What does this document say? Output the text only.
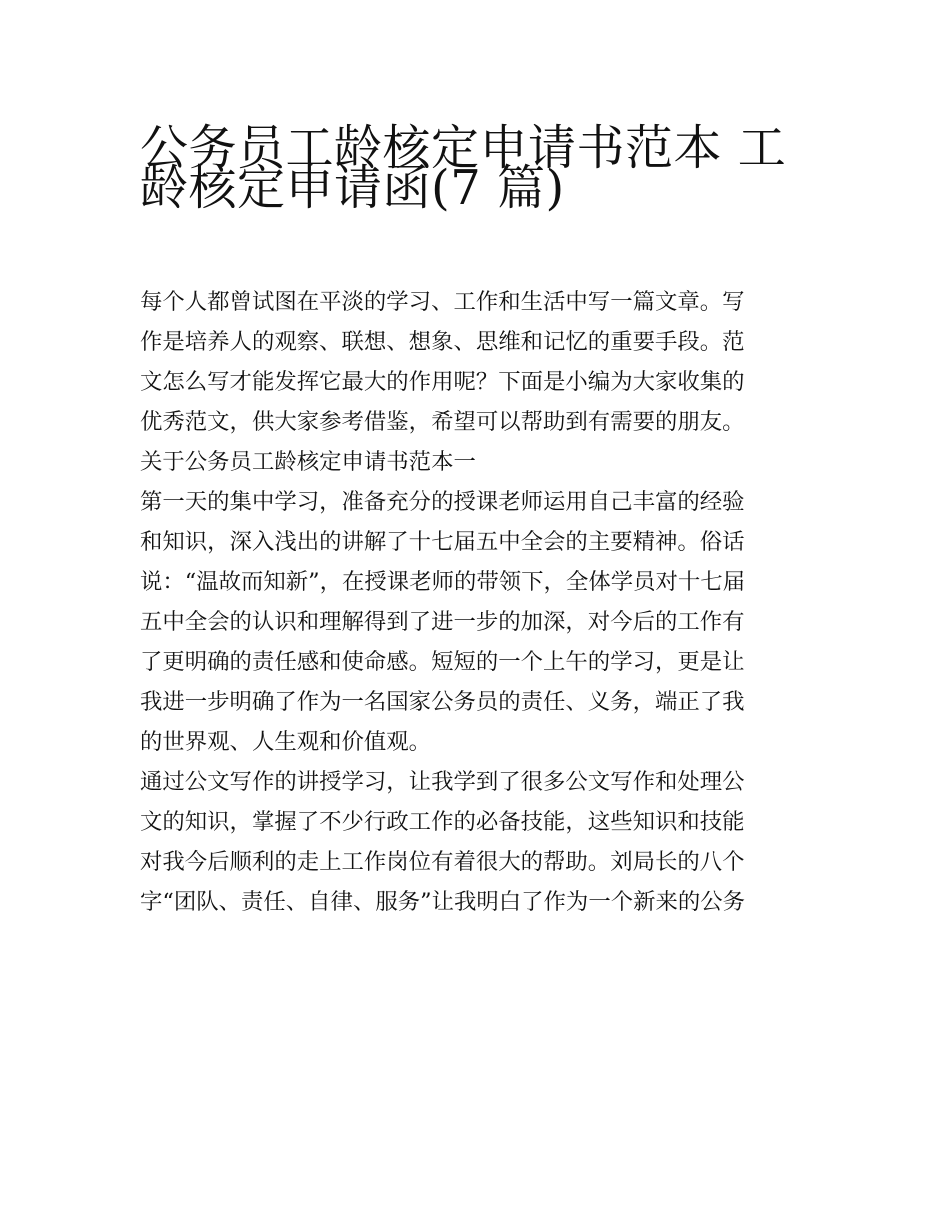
公务员工龄核定申请书范本 工
龄核定申请函(7 篇)

每个人都曾试图在平淡的学习、工作和生活中写一篇文章。写
作是培养人的观察、联想、想象、思维和记忆的重要手段。范
文怎么写才能发挥它最大的作用呢？下面是小编为大家收集的
优秀范文，供大家参考借鉴，希望可以帮助到有需要的朋友。

关于公务员工龄核定申请书范本一

第一天的集中学习，准备充分的授课老师运用自己丰富的经验
和知识，深入浅出的讲解了十七届五中全会的主要精神。俗话
说：“温故而知新”，在授课老师的带领下，全体学员对十七届
五中全会的认识和理解得到了进一步的加深，对今后的工作有
了更明确的责任感和使命感。短短的一个上午的学习，更是让
我进一步明确了作为一名国家公务员的责任、义务，端正了我
的世界观、人生观和价值观。

通过公文写作的讲授学习，让我学到了很多公文写作和处理公
文的知识，掌握了不少行政工作的必备技能，这些知识和技能
对我今后顺利的走上工作岗位有着很大的帮助。刘局长的八个
字“团队、责任、自律、服务”让我明白了作为一个新来的公务
